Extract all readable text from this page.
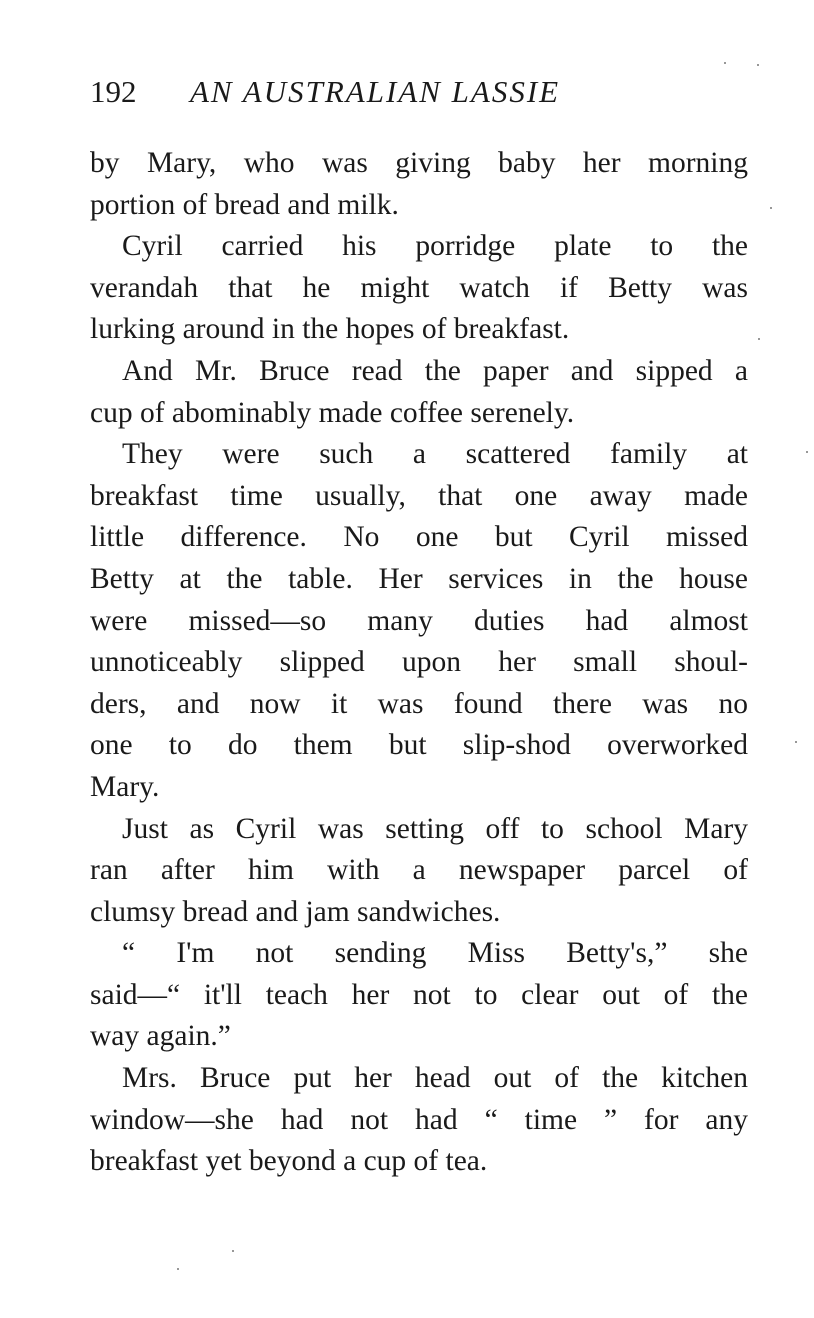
192 AN AUSTRALIAN LASSIE
by Mary, who was giving baby her morning
portion of bread and milk.
Cyril carried his porridge plate to the
verandah that he might watch if Betty was
lurking around in the hopes of breakfast.
And Mr. Bruce read the paper and sipped a
cup of abominably made coffee serenely.
They were such a scattered family at
breakfast time usually, that one away made
little difference. No one but Cyril missed
Betty at the table. Her services in the house
were missed—so many duties had almost
unnoticeably slipped upon her small shoul-
ders, and now it was found there was no
one to do them but slip-shod overworked
Mary.
Just as Cyril was setting off to school Mary
ran after him with a newspaper parcel of
clumsy bread and jam sandwiches.
“ I'm not sending Miss Betty's,” she
said—“ it'll teach her not to clear out of the
way again.”
Mrs. Bruce put her head out of the kitchen
window—she had not had “ time ” for any
breakfast yet beyond a cup of tea.
